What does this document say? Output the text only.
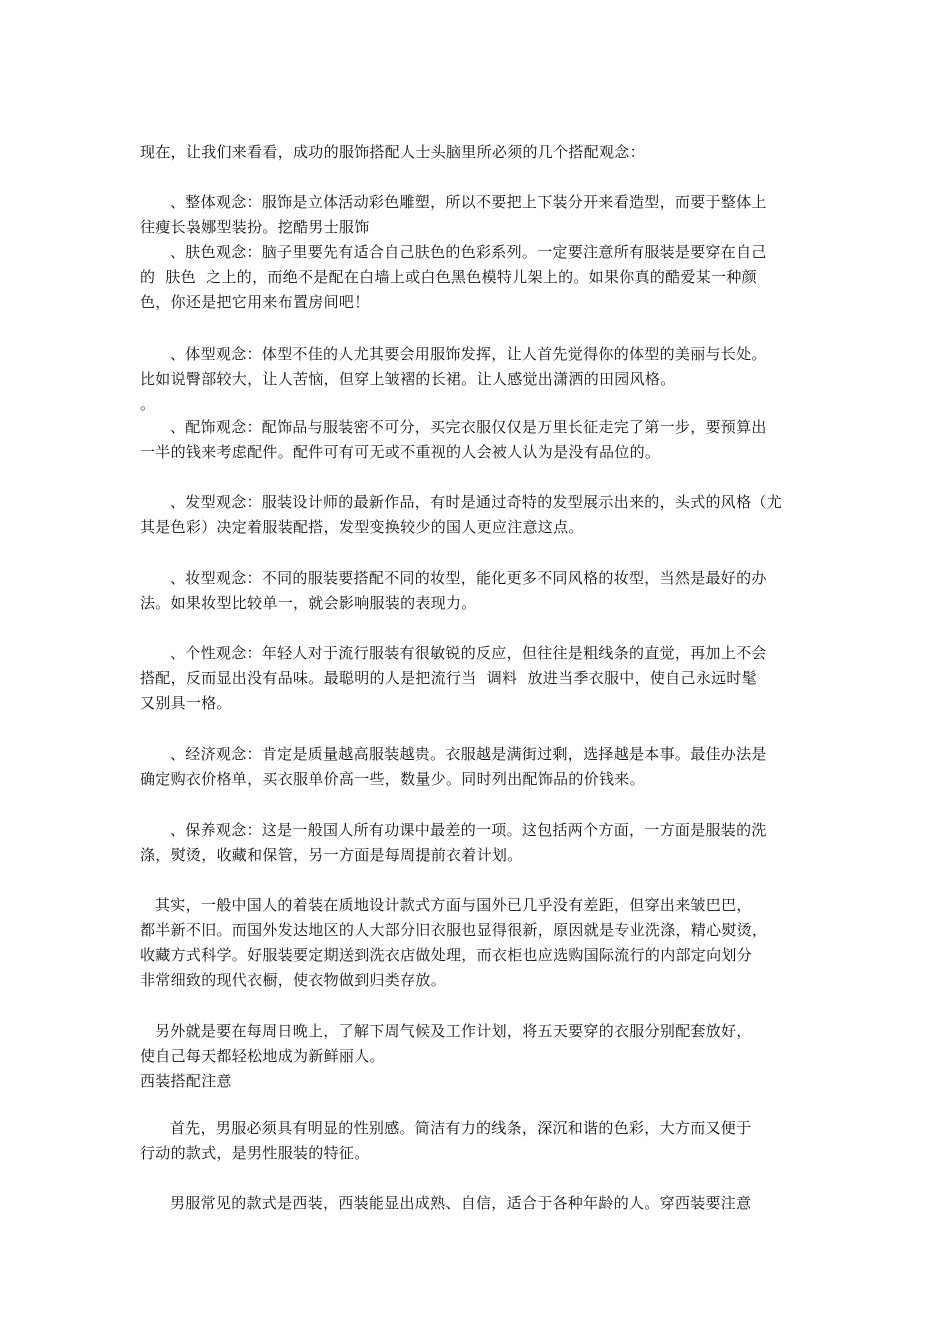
现在，让我们来看看，成功的服饰搭配人士头脑里所必须的几个搭配观念：
、整体观念：服饰是立体活动彩色雕塑，所以不要把上下装分开来看造型，而要于整体上
往瘦长袅娜型装扮。挖酷男士服饰
、肤色观念：脑子里要先有适合自己肤色的色彩系列。一定要注意所有服装是要穿在自己
的  肤色  之上的，而绝不是配在白墙上或白色黑色模特儿架上的。如果你真的酷爱某一种颜
色，你还是把它用来布置房间吧！
、体型观念：体型不佳的人尤其要会用服饰发挥，让人首先觉得你的体型的美丽与长处。
比如说臀部较大，让人苦恼，但穿上皱褶的长裙。让人感觉出潇洒的田园风格。
。
、配饰观念：配饰品与服装密不可分，买完衣服仅仅是万里长征走完了第一步，要预算出
一半的钱来考虑配件。配件可有可无或不重视的人会被人认为是没有品位的。
、发型观念：服装设计师的最新作品，有时是通过奇特的发型展示出来的，头式的风格（尤
其是色彩）决定着服装配搭，发型变换较少的国人更应注意这点。
、妆型观念：不同的服装要搭配不同的妆型，能化更多不同风格的妆型，当然是最好的办
法。如果妆型比较单一，就会影响服装的表现力。
、个性观念：年轻人对于流行服装有很敏锐的反应，但往往是粗线条的直觉，再加上不会
搭配，反而显出没有品味。最聪明的人是把流行当  调料  放进当季衣服中，使自己永远时髦
又别具一格。
、经济观念：肯定是质量越高服装越贵。衣服越是满街过剩，选择越是本事。最佳办法是
确定购衣价格单，买衣服单价高一些，数量少。同时列出配饰品的价钱来。
、保养观念：这是一般国人所有功课中最差的一项。这包括两个方面，一方面是服装的洗
涤，熨烫，收藏和保管，另一方面是每周提前衣着计划。
其实，一般中国人的着装在质地设计款式方面与国外已几乎没有差距，但穿出来皱巴巴，
都半新不旧。而国外发达地区的人大部分旧衣服也显得很新，原因就是专业洗涤，精心熨烫，
收藏方式科学。好服装要定期送到洗衣店做处理，而衣柜也应选购国际流行的内部定向划分
非常细致的现代衣橱，使衣物做到归类存放。
另外就是要在每周日晚上，了解下周气候及工作计划，将五天要穿的衣服分别配套放好，
使自己每天都轻松地成为新鲜丽人。
西装搭配注意
首先，男服必须具有明显的性别感。简洁有力的线条，深沉和谐的色彩，大方而又便于
行动的款式，是男性服装的特征。
男服常见的款式是西装，西装能显出成熟、自信，适合于各种年龄的人。穿西装要注意
